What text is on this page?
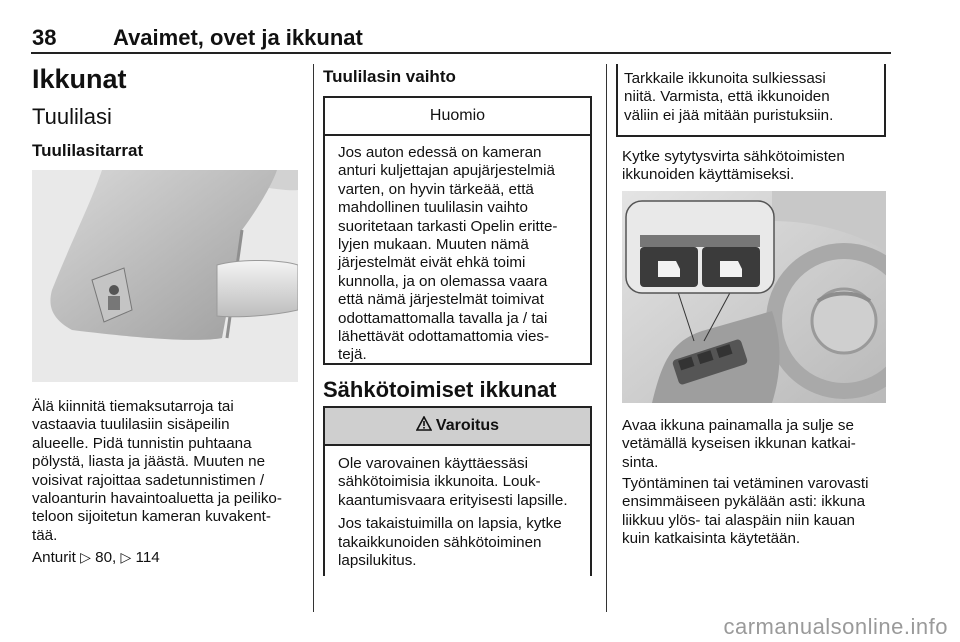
38	Avaimet, ovet ja ikkunat
Ikkunat
Tuulilasi
Tuulilasitarrat
Älä kiinnitä tiemaksutarroja tai
vastaavia tuulilasiin sisäpeilin
alueelle. Pidä tunnistin puhtaana
pölystä, liasta ja jäästä. Muuten ne
voisivat rajoittaa sadetunnistimen /
valoanturin havaintoaluetta ja peiliko-
teloon sijoitetun kameran kuvakent-
tää.
Anturit ▷ 80, ▷ 114
Tuulilasin vaihto
Huomio
Jos auton edessä on kameran
anturi kuljettajan apujärjestelmiä
varten, on hyvin tärkeää, että
mahdollinen tuulilasin vaihto
suoritetaan tarkasti Opelin eritte-
lyjen mukaan. Muuten nämä
järjestelmät eivät ehkä toimi
kunnolla, ja on olemassa vaara
että nämä järjestelmät toimivat
odottamattomalla tavalla ja / tai
lähettävät odottamattomia vies-
tejä.
Sähkötoimiset ikkunat
Varoitus
Ole varovainen käyttäessäsi
sähkötoimisia ikkunoita. Louk-
kaantumisvaara erityisesti lapsille.
Jos takaistuimilla on lapsia, kytke
takaikkunoiden sähkötoiminen
lapsilukitus.
Tarkkaile ikkunoita sulkiessasi
niitä. Varmista, että ikkunoiden
väliin ei jää mitään puristuksiin.
Kytke sytytysvirta sähkötoimisten
ikkunoiden käyttämiseksi.
Avaa ikkuna painamalla ja sulje se
vetämällä kyseisen ikkunan katkai-
sinta.
Työntäminen tai vetäminen varovasti
ensimmäiseen pykälään asti: ikkuna
liikkuu ylös- tai alaspäin niin kauan
kuin katkaisinta käytetään.
carmanualsonline.info
